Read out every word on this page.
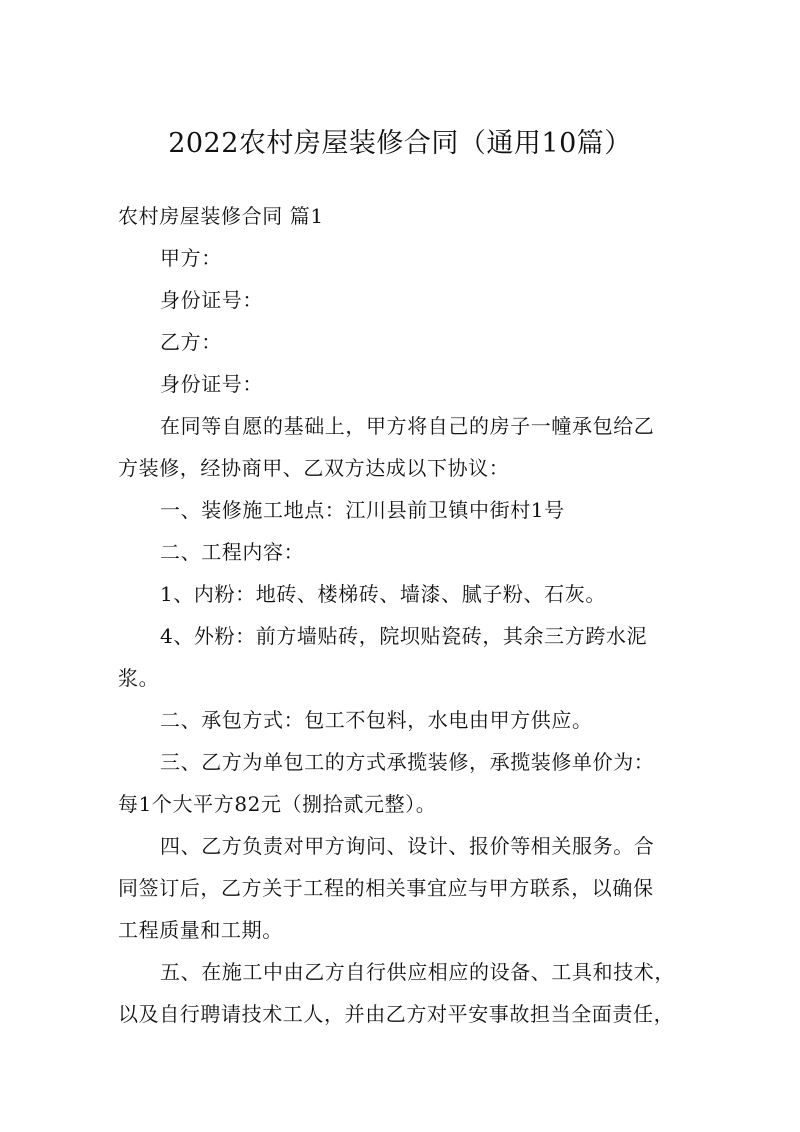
2022农村房屋装修合同（通用10篇）
农村房屋装修合同 篇1
甲方：
身份证号：
乙方：
身份证号：
在同等自愿的基础上，甲方将自己的房子一幢承包给乙
方装修，经协商甲、乙双方达成以下协议：
一、装修施工地点：江川县前卫镇中街村1号
二、工程内容：
1、内粉：地砖、楼梯砖、墙漆、腻子粉、石灰。
4、外粉：前方墙贴砖，院坝贴瓷砖，其余三方跨水泥
浆。
二、承包方式：包工不包料，水电由甲方供应。
三、乙方为单包工的方式承揽装修，承揽装修单价为：
每1个大平方82元（捌拾贰元整）。
四、乙方负责对甲方询问、设计、报价等相关服务。合
同签订后，乙方关于工程的相关事宜应与甲方联系，以确保
工程质量和工期。
五、在施工中由乙方自行供应相应的设备、工具和技术，
以及自行聘请技术工人，并由乙方对平安事故担当全面责任，
